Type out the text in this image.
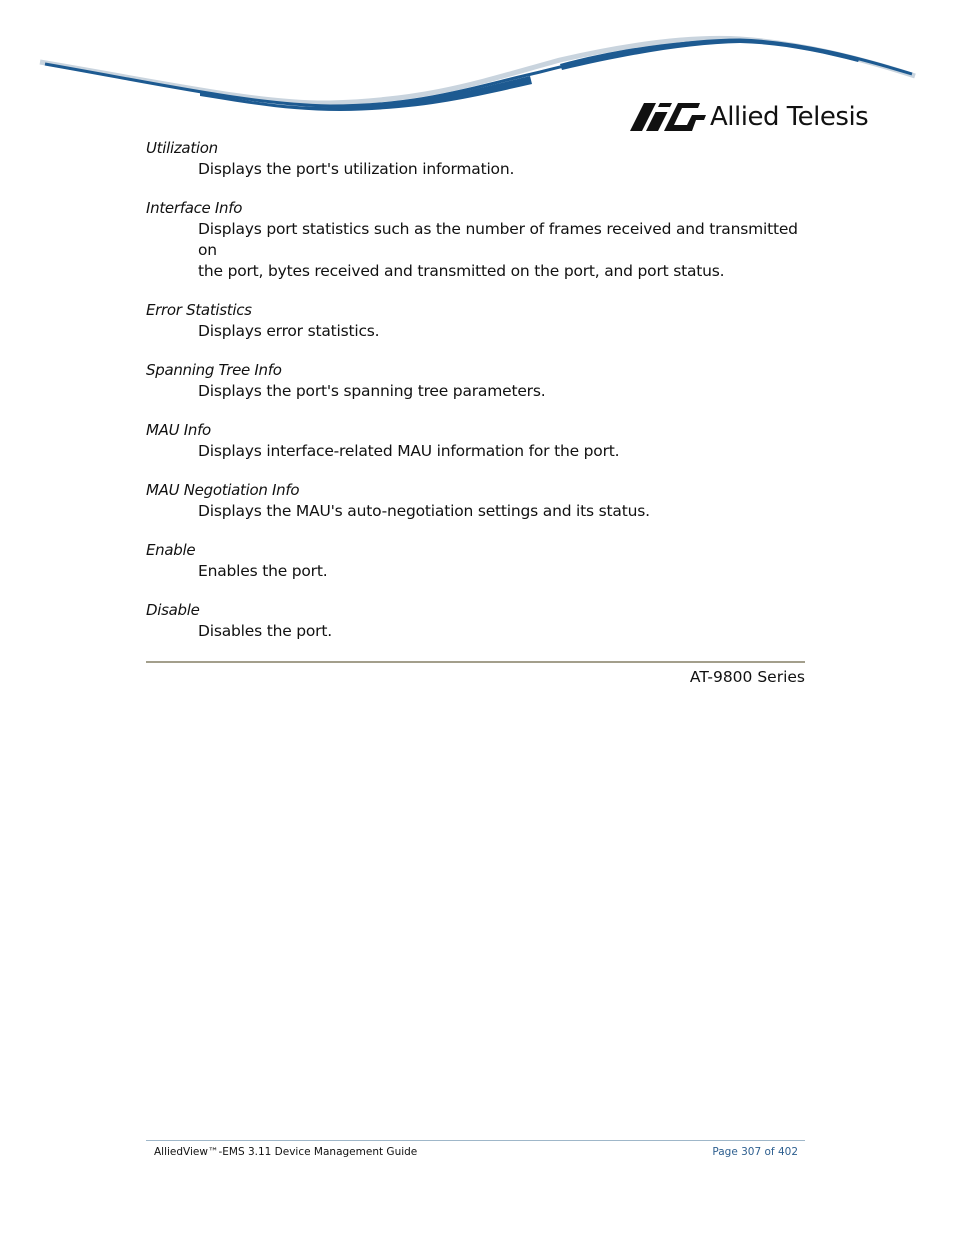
Allied Telesis
Utilization
Displays the port's utilization information.
Interface Info
Displays port statistics such as the number of frames received and transmitted on
the port, bytes received and transmitted on the port, and port status.
Error Statistics
Displays error statistics.
Spanning Tree Info
Displays the port's spanning tree parameters.
MAU Info
Displays interface-related MAU information for the port.
MAU Negotiation Info
Displays the MAU's auto-negotiation settings and its status.
Enable
Enables the port.
Disable
Disables the port.
AT-9800 Series
AlliedView™-EMS 3.11 Device Management Guide	Page 307 of 402
